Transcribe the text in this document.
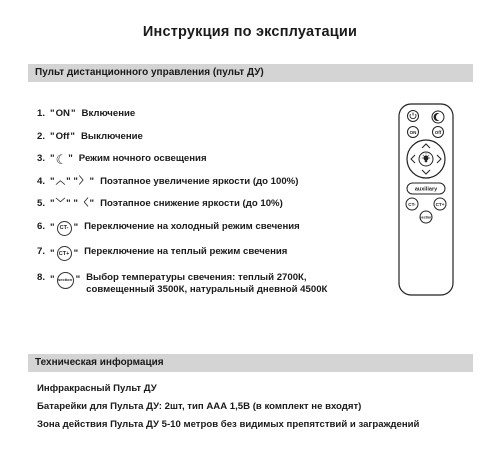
Инструкция по эксплуатации
Пульт дистанционного управления (пульт ДУ)
1. " ON " Включение
2. " Off " Выключение
3. " ☾ " Режим ночного освещения
4. " ︿ " " 〉 " Поэтапное увеличение яркости (до 100%)
5. " ﹀ " " 〈 " Поэтапное снижение яркости (до 10%)
6. " CT- " Переключение на холодный режим свечения
7. " CT+ " Переключение на теплый режим свечения
8. " section " Выбор температуры свечения: теплый 2700К, совмещенный 3500К, натуральный дневной 4500К
ON	Off
auxiliary
CT-	CT+
section
Техническая информация
Инфракрасный Пульт ДУ
Батарейки для Пульта ДУ: 2шт, тип ААА 1,5В (в комплект не входят)
Зона действия Пульта ДУ 5-10 метров без видимых препятствий и заграждений
